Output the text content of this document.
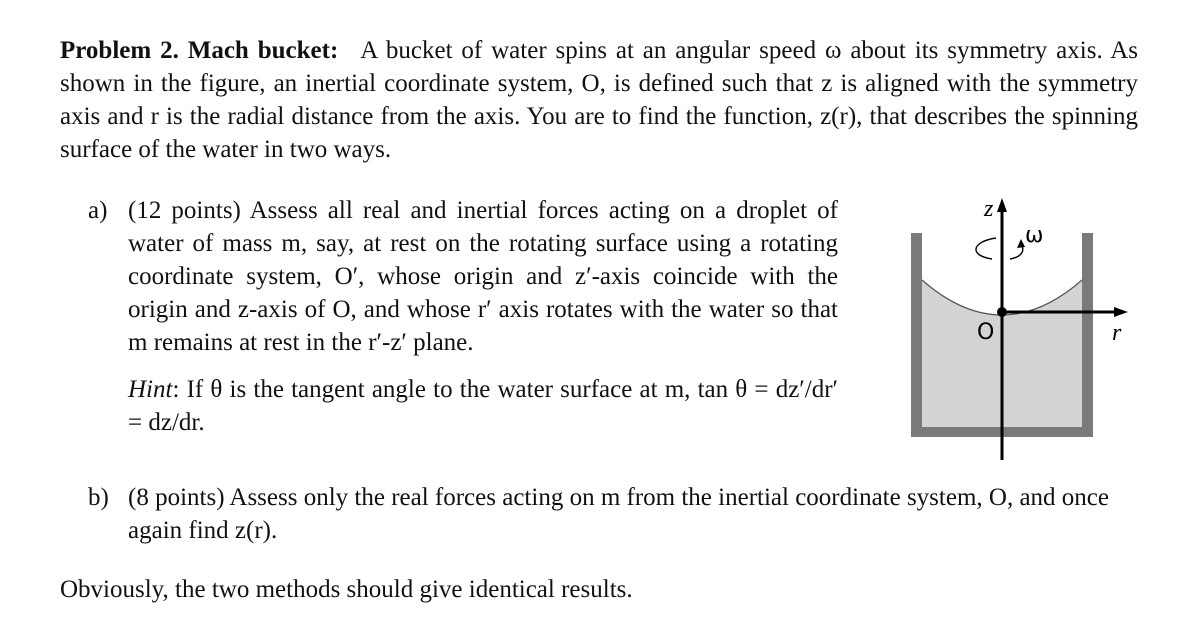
Problem 2. Mach bucket: A bucket of water spins at an angular speed ω about its symmetry axis. As shown in the figure, an inertial coordinate system, O, is defined such that z is aligned with the symmetry axis and r is the radial distance from the axis. You are to find the function, z(r), that describes the spinning surface of the water in two ways.
a) (12 points) Assess all real and inertial forces acting on a droplet of water of mass m, say, at rest on the rotating surface using a rotating coordinate system, O′, whose origin and z′-axis coincide with the origin and z-axis of O, and whose r′ axis rotates with the water so that m remains at rest in the r′-z′ plane.
Hint: If θ is the tangent angle to the water surface at m, tan θ = dz′/dr′ = dz/dr.
z
ω
O	r
b) (8 points) Assess only the real forces acting on m from the inertial coordinate system, O, and once again find z(r).
Obviously, the two methods should give identical results.
